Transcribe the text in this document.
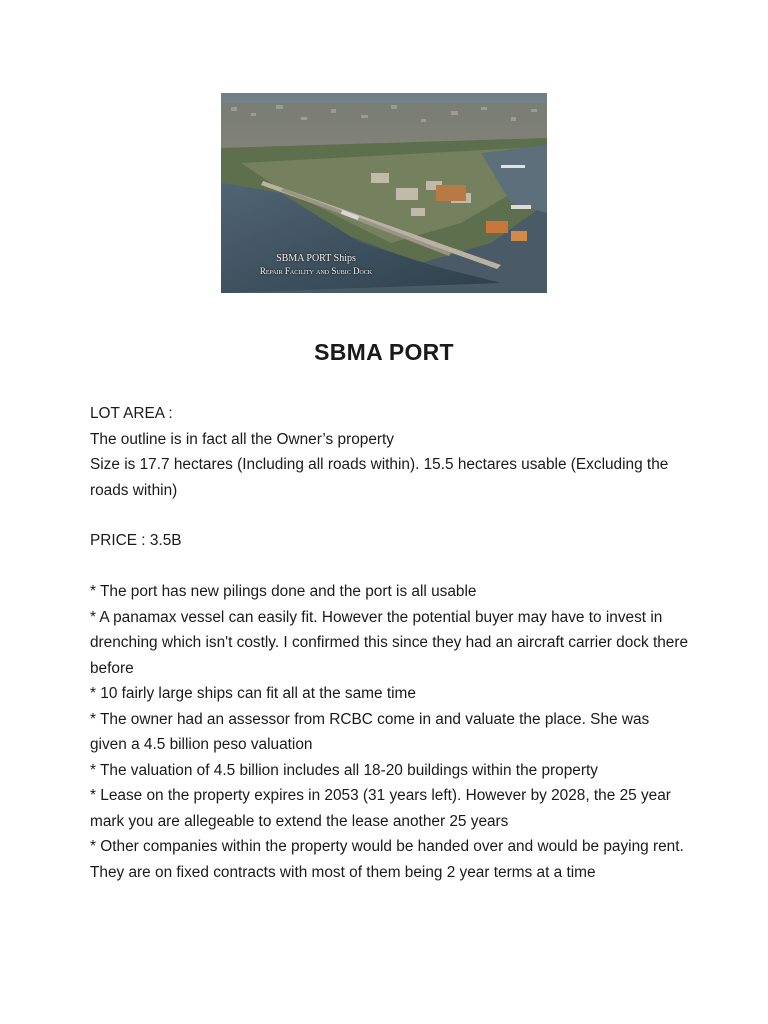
SBMA PORT Ships
Repair Facility and Subic Dock
SBMA PORT

LOT AREA :

The outline is in fact all the Owner’s property

Size is 17.7 hectares (Including all roads within). 15.5 hectares usable (Excluding the roads within)

PRICE : 3.5B

* The port has new pilings done and the port is all usable

* A panamax vessel can easily fit. However the potential buyer may have to invest in drenching which isn't costly. I confirmed this since they had an aircraft carrier dock there before

* 10 fairly large ships can fit all at the same time

* The owner had an assessor from RCBC come in and valuate the place. She was given a 4.5 billion peso valuation

* The valuation of 4.5 billion includes all 18-20 buildings within the property

* Lease on the property expires in 2053 (31 years left). However by 2028, the 25 year mark you are allegeable to extend the lease another 25 years

* Other companies within the property would be handed over and would be paying rent. They are on fixed contracts with most of them being 2 year terms at a time
